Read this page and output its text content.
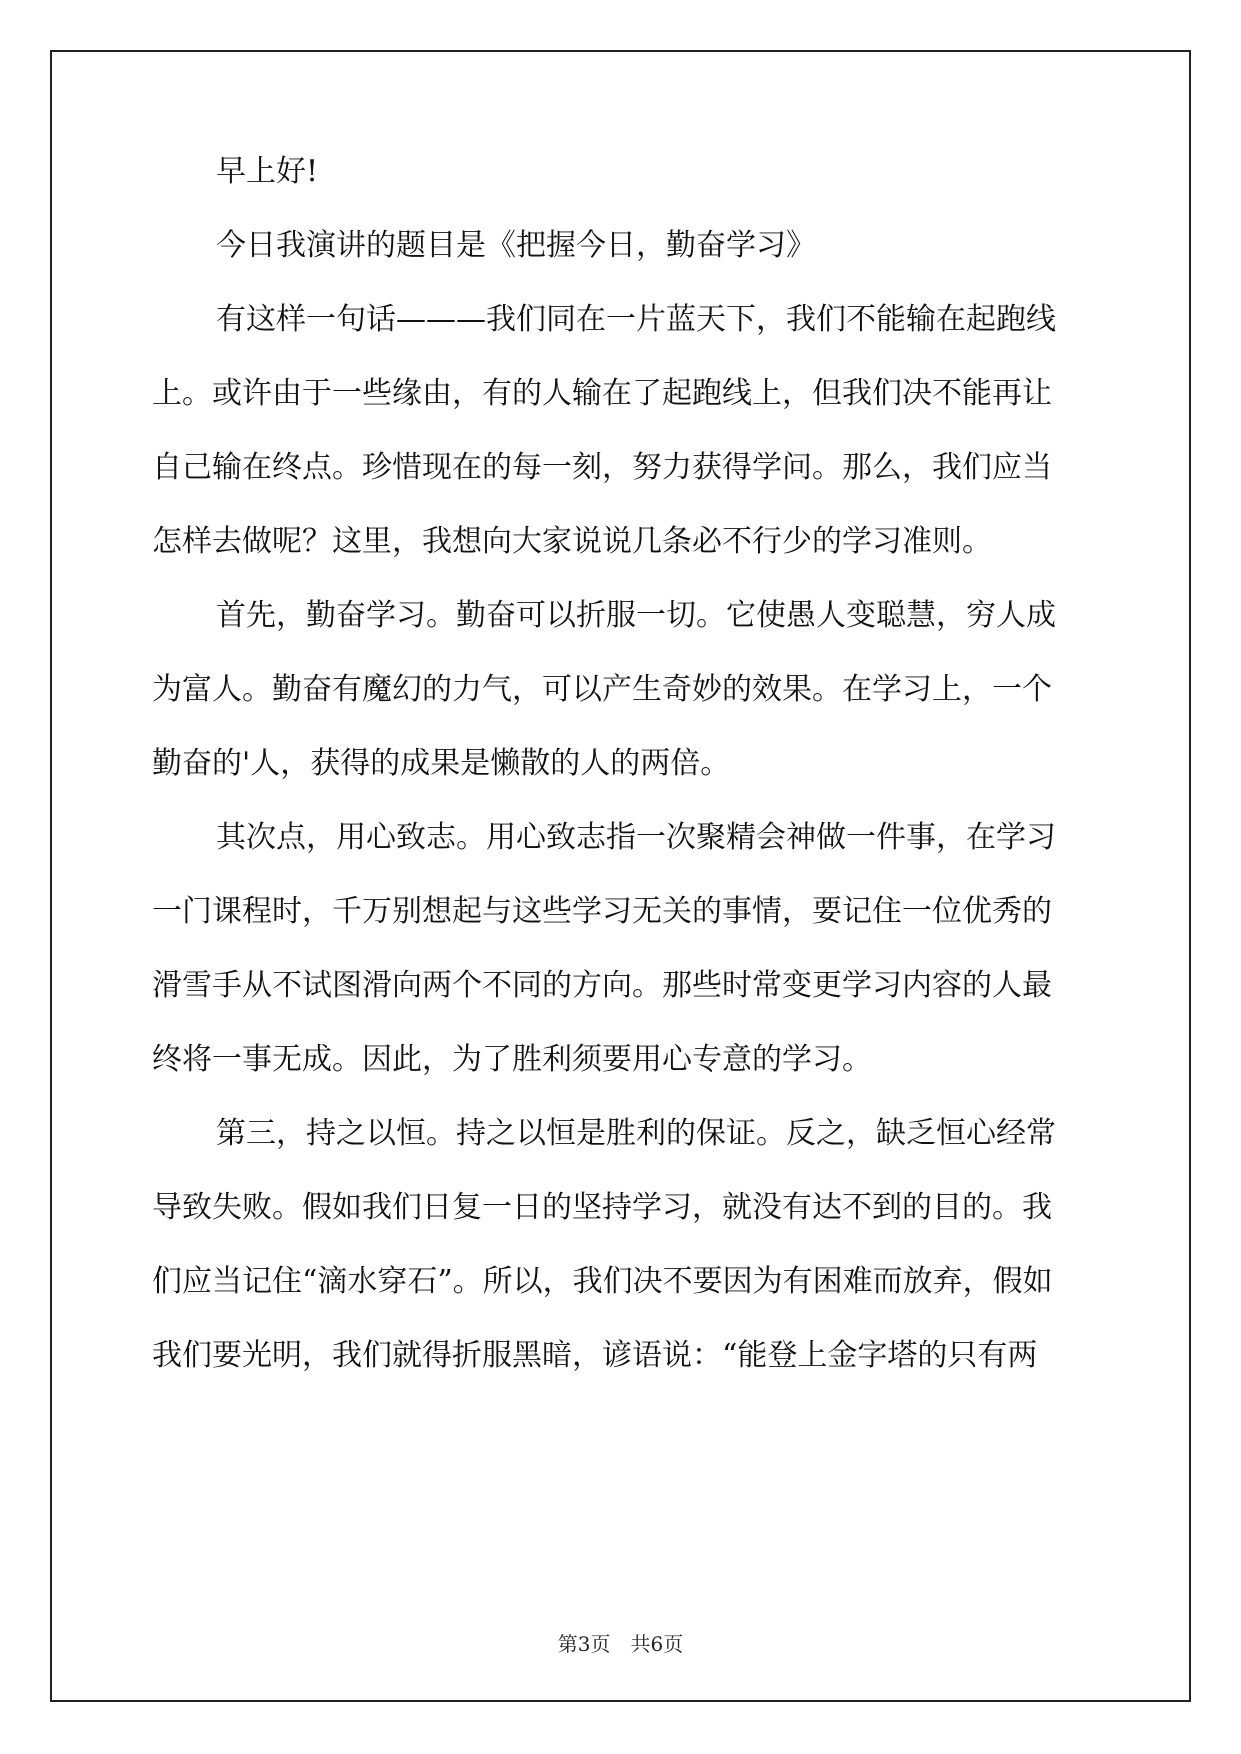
早上好!
今日我演讲的题目是《把握今日，勤奋学习》
有这样一句话———我们同在一片蓝天下，我们不能输在起跑线
上。或许由于一些缘由，有的人输在了起跑线上，但我们决不能再让
自己输在终点。珍惜现在的每一刻，努力获得学问。那么，我们应当
怎样去做呢？这里，我想向大家说说几条必不行少的学习准则。
首先，勤奋学习。勤奋可以折服一切。它使愚人变聪慧，穷人成
为富人。勤奋有魔幻的力气，可以产生奇妙的效果。在学习上，一个
勤奋的'人，获得的成果是懒散的人的两倍。
其次点，用心致志。用心致志指一次聚精会神做一件事，在学习
一门课程时，千万别想起与这些学习无关的事情，要记住一位优秀的
滑雪手从不试图滑向两个不同的方向。那些时常变更学习内容的人最
终将一事无成。因此，为了胜利须要用心专意的学习。
第三，持之以恒。持之以恒是胜利的保证。反之，缺乏恒心经常
导致失败。假如我们日复一日的坚持学习，就没有达不到的目的。我
们应当记住“滴水穿石”。所以，我们决不要因为有困难而放弃，假如
我们要光明，我们就得折服黑暗，谚语说：“能登上金字塔的只有两
第3页　共6页
